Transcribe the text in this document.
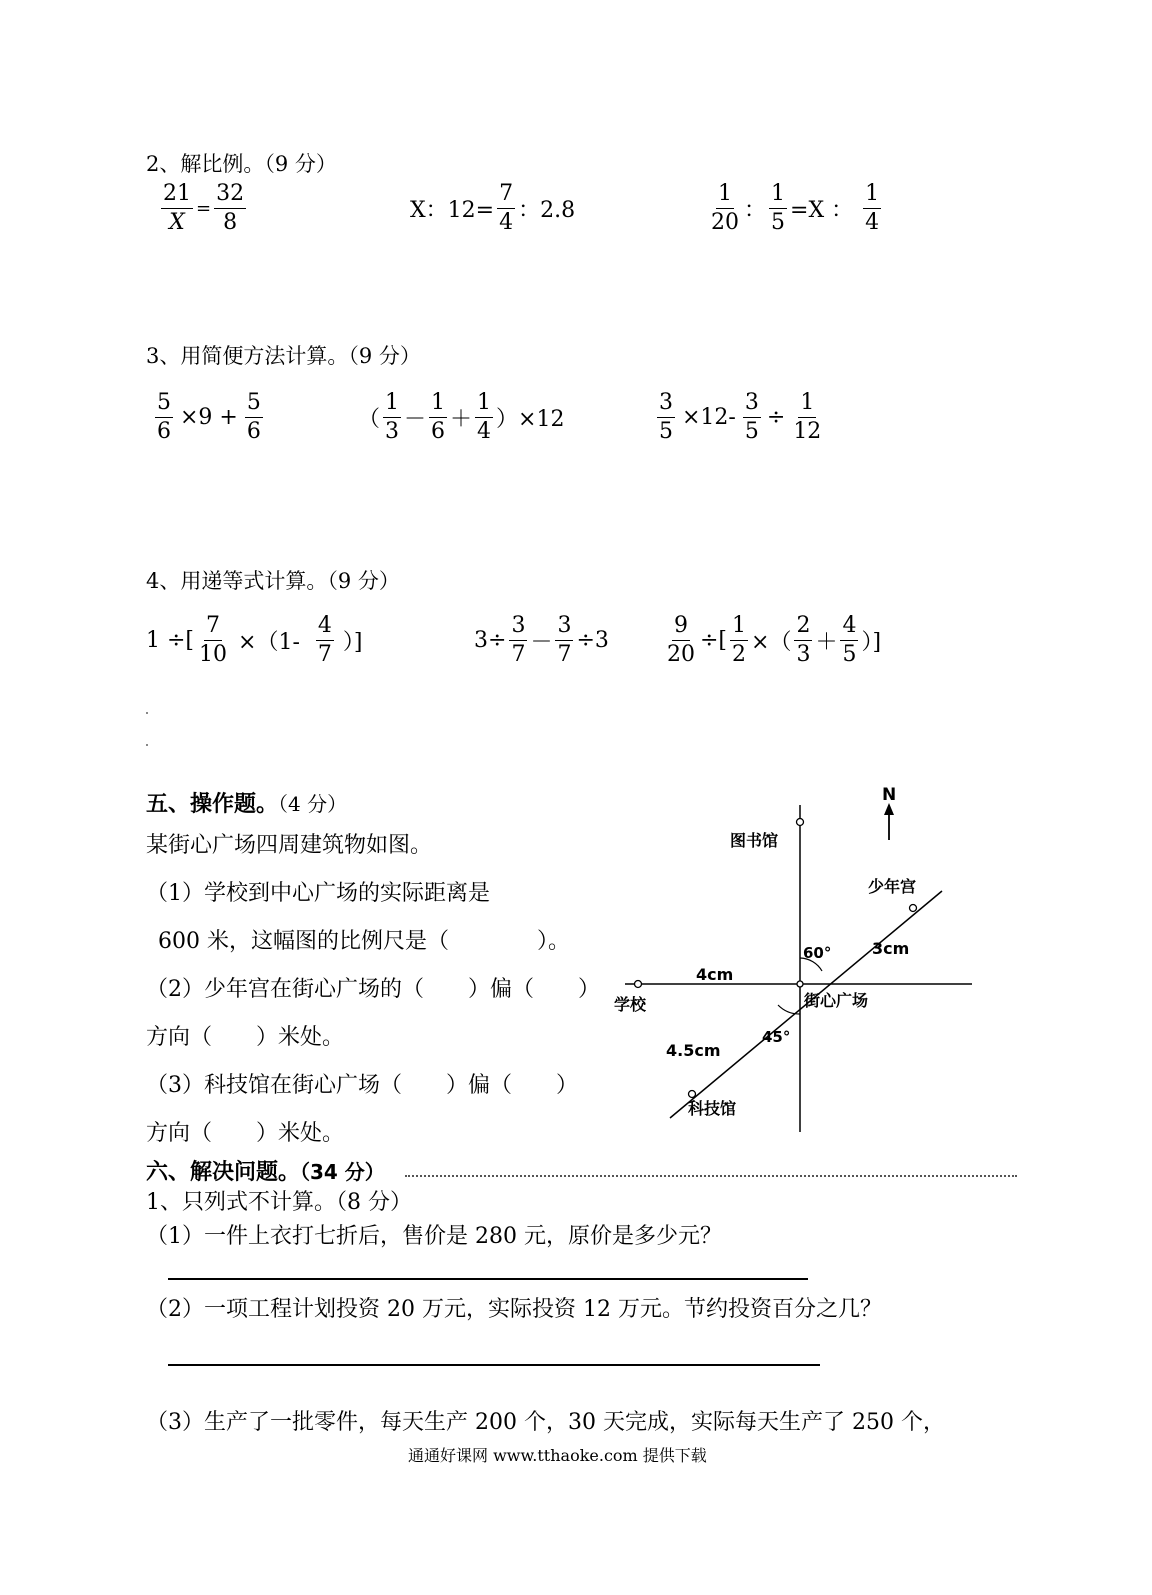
2、解比例。（9 分）
$\frac{21}{X} = \frac{32}{8}$	X：$12= \frac{7}{4}$ ：2.8	$\frac{1}{20}$ ： $\frac{1}{5} =X$ ： $\frac{1}{4}$
3、用简便方法计算。（9 分）
$\frac{5}{6} \times 9 + \frac{5}{6}$	（ $\frac{1}{3} - \frac{1}{6} + \frac{1}{4} )\times 12$	$\frac{3}{5} \times 12- \frac{3}{5} \div \frac{1}{12}$
4、用递等式计算。（9 分）
1 ÷[ $\frac{7}{10} \times(1- \frac{4}{7}$ ）]	$3\div \frac{3}{7} - \frac{3}{7} \div 3$	$\frac{9}{20}$ ÷[ $\frac{1}{2}$ ×（ $\frac{2}{3} + \frac{4}{5}$ ）]
五、操作题。（4 分）
某街心广场四周建筑物如图。
（1）学校到中心广场的实际距离是
600 米，这幅图的比例尺是（　　　　）。
（2）少年宫在街心广场的（　　）偏（　　）
方向（　　）米处。
（3）科技馆在街心广场（　　）偏（　　）
方向（　　）米处。
N
图书馆
少年宫
学校	街心广场
科技馆
4cm
3cm
4.5cm
60°
45°
六、解决问题。（34 分）
1、只列式不计算。（8 分）
（1）一件上衣打七折后，售价是 280 元，原价是多少元？
（2）一项工程计划投资 20 万元，实际投资 12 万元。节约投资百分之几？
（3）生产了一批零件，每天生产 200 个，30 天完成，实际每天生产了 250 个，
通通好课网 www.tthaoke.com 提供下载
